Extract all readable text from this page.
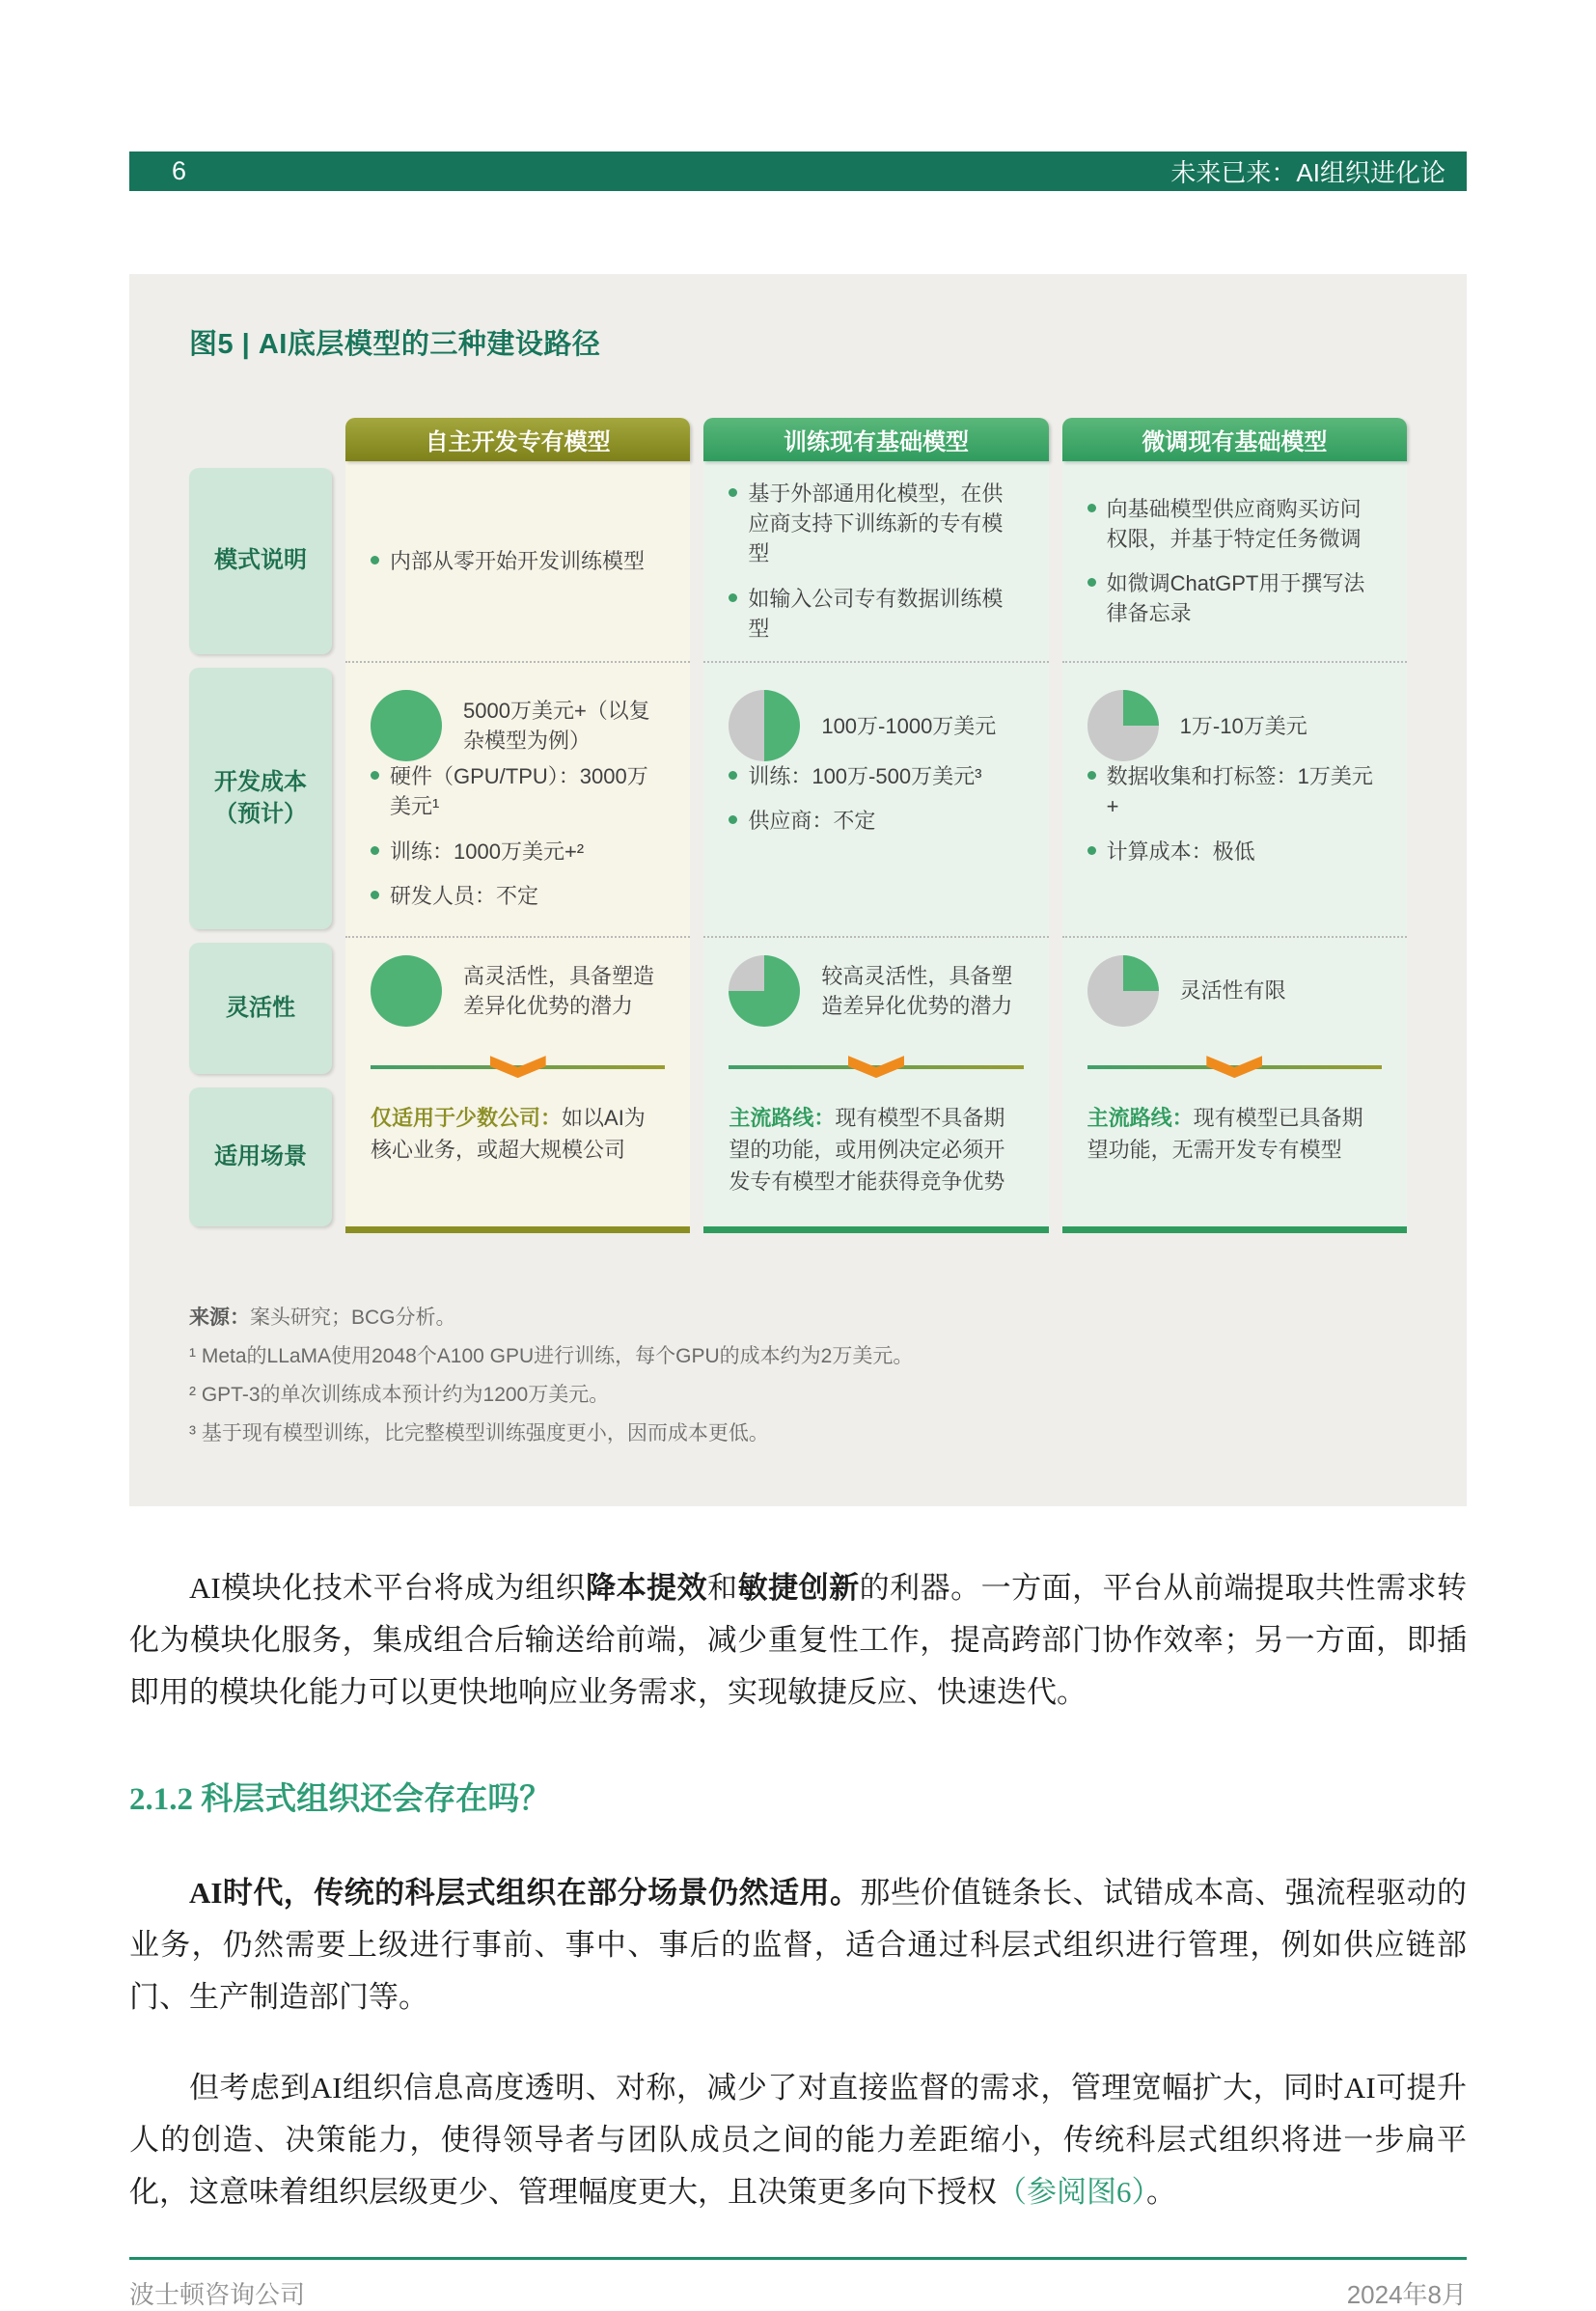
6	未来已来：AI组织进化论
图5 | AI底层模型的三种建设路径
模式说明
开发成本（预计）
灵活性
适用场景
自主开发专有模型
内部从零开始开发训练模型
5000万美元+（以复杂模型为例）
硬件（GPU/TPU）：3000万美元¹
训练：1000万美元+²
研发人员：不定
高灵活性，具备塑造差异化优势的潜力
仅适用于少数公司：如以AI为核心业务，或超大规模公司
训练现有基础模型
基于外部通用化模型，在供应商支持下训练新的专有模型
如输入公司专有数据训练模型
100万-1000万美元
训练：100万-500万美元³
供应商：不定
较高灵活性，具备塑造差异化优势的潜力
主流路线：现有模型不具备期望的功能，或用例决定必须开发专有模型才能获得竞争优势
微调现有基础模型
向基础模型供应商购买访问权限，并基于特定任务微调
如微调ChatGPT用于撰写法律备忘录
1万-10万美元
数据收集和打标签：1万美元+
计算成本：极低
灵活性有限
主流路线：现有模型已具备期望功能，无需开发专有模型
来源：案头研究；BCG分析。
¹ Meta的LLaMA使用2048个A100 GPU进行训练，每个GPU的成本约为2万美元。
² GPT-3的单次训练成本预计约为1200万美元。
³ 基于现有模型训练，比完整模型训练强度更小，因而成本更低。

AI模块化技术平台将成为组织降本提效和敏捷创新的利器。一方面，平台从前端提取共性需求转化为模块化服务，集成组合后输送给前端，减少重复性工作，提高跨部门协作效率；另一方面，即插即用的模块化能力可以更快地响应业务需求，实现敏捷反应、快速迭代。

2.1.2 科层式组织还会存在吗？

AI时代，传统的科层式组织在部分场景仍然适用。那些价值链条长、试错成本高、强流程驱动的业务，仍然需要上级进行事前、事中、事后的监督，适合通过科层式组织进行管理，例如供应链部门、生产制造部门等。

但考虑到AI组织信息高度透明、对称，减少了对直接监督的需求，管理宽幅扩大，同时AI可提升人的创造、决策能力，使得领导者与团队成员之间的能力差距缩小，传统科层式组织将进一步扁平化，这意味着组织层级更少、管理幅度更大，且决策更多向下授权（参阅图6）。

波士顿咨询公司	2024年8月
